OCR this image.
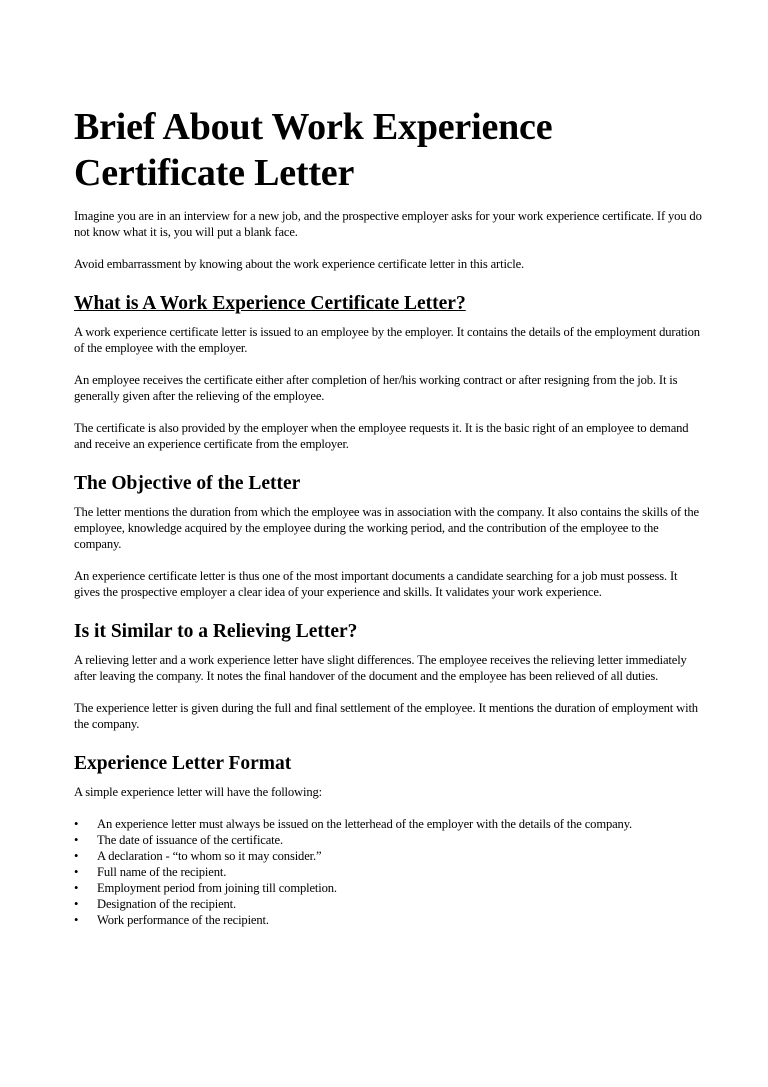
Brief About Work Experience Certificate Letter

Imagine you are in an interview for a new job, and the prospective employer asks for your work experience certificate. If you do not know what it is, you will put a blank face.

Avoid embarrassment by knowing about the work experience certificate letter in this article.

What is A Work Experience Certificate Letter?

A work experience certificate letter is issued to an employee by the employer. It contains the details of the employment duration of the employee with the employer.

An employee receives the certificate either after completion of her/his working contract or after resigning from the job. It is generally given after the relieving of the employee.

The certificate is also provided by the employer when the employee requests it. It is the basic right of an employee to demand and receive an experience certificate from the employer.

The Objective of the Letter

The letter mentions the duration from which the employee was in association with the company. It also contains the skills of the employee, knowledge acquired by the employee during the working period, and the contribution of the employee to the company.

An experience certificate letter is thus one of the most important documents a candidate searching for a job must possess. It gives the prospective employer a clear idea of your experience and skills. It validates your work experience.

Is it Similar to a Relieving Letter?

A relieving letter and a work experience letter have slight differences. The employee receives the relieving letter immediately after leaving the company. It notes the final handover of the document and the employee has been relieved of all duties.

The experience letter is given during the full and final settlement of the employee. It mentions the duration of employment with the company.

Experience Letter Format

A simple experience letter will have the following:

• An experience letter must always be issued on the letterhead of the employer with the details of the company.
• The date of issuance of the certificate.
• A declaration - “to whom so it may consider.”
• Full name of the recipient.
• Employment period from joining till completion.
• Designation of the recipient.
• Work performance of the recipient.
